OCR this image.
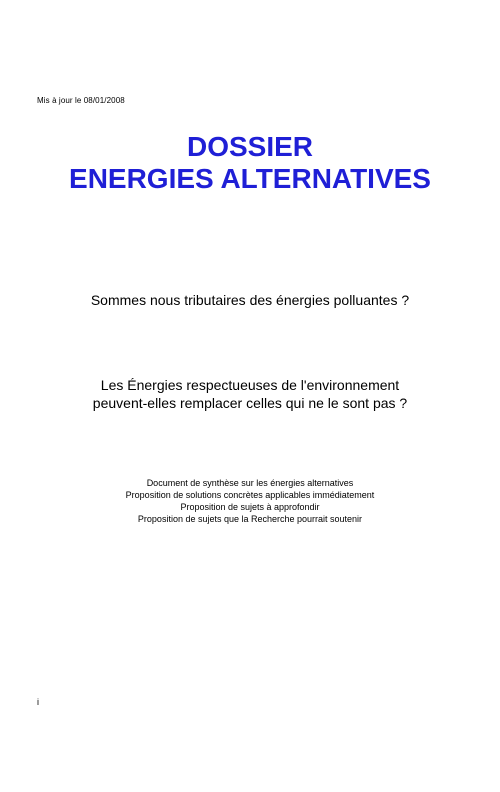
Mis à jour le 08/01/2008
DOSSIER
ENERGIES ALTERNATIVES
Sommes nous tributaires des énergies polluantes ?
Les Énergies respectueuses de l'environnement
peuvent-elles remplacer celles qui ne le sont pas ?
Document de synthèse sur les énergies alternatives
Proposition de solutions concrètes applicables immédiatement
Proposition de sujets à approfondir
Proposition de sujets que la Recherche pourrait soutenir
i
